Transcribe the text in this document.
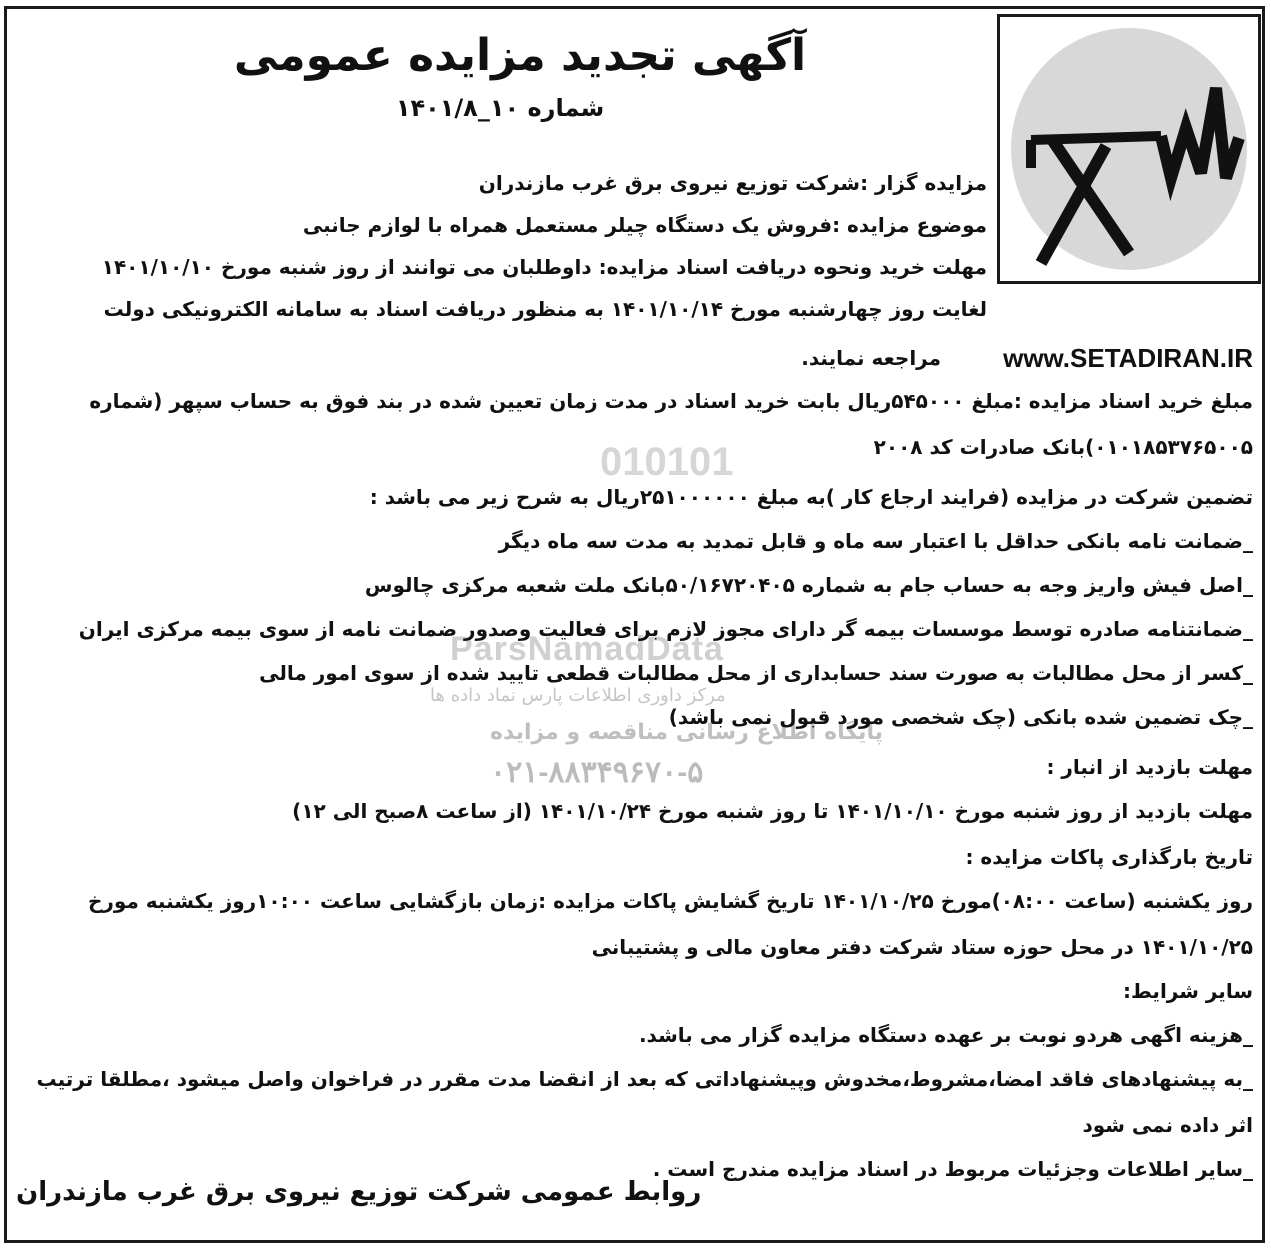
آگهی تجدید مزایده عمومی
شماره ۱۰_۱۴۰۱/۸
010101
ParsNamadData
مرکز داوری اطلاعات پارس نماد داده ها
پایگاه اطلاع رسانی مناقصه و مزایده
۰۲۱-۸۸۳۴۹۶۷۰-۵
مزایده گزار :شرکت توزیع نیروی برق غرب مازندران
موضوع مزایده :فروش یک دستگاه چیلر مستعمل همراه با لوازم جانبی
مهلت خرید ونحوه دریافت اسناد مزایده: داوطلبان می توانند از روز شنبه مورخ ۱۴۰۱/۱۰/۱۰
لغایت روز چهارشنبه مورخ ۱۴۰۱/۱۰/۱۴ به منظور دریافت اسناد به سامانه الکترونیکی دولت
www.SETADIRAN.IR
مراجعه نمایند.
مبلغ خرید اسناد مزایده :مبلغ ۵۴۵۰۰۰ریال بابت خرید اسناد در مدت زمان تعیین شده در بند فوق به حساب سپهر (شماره
۰۱۰۱۸۵۳۷۶۵۰۰۵)بانک صادرات کد ۲۰۰۸
تضمین شرکت در مزایده (فرایند ارجاع کار )به مبلغ ۲۵۱۰۰۰۰۰۰ریال به شرح زیر می باشد :
_ضمانت نامه بانکی حداقل با اعتبار سه ماه و قابل تمدید به مدت سه ماه دیگر
_اصل فیش واریز وجه به حساب جام به شماره ۵۰/۱۶۷۲۰۴۰۵بانک ملت شعبه مرکزی چالوس
_ضمانتنامه صادره توسط موسسات بیمه گر دارای مجوز لازم برای فعالیت وصدور ضمانت نامه از سوی بیمه مرکزی ایران
_کسر از محل مطالبات به صورت سند حسابداری از محل مطالبات قطعی تایید شده از سوی امور مالی
_چک تضمین شده بانکی (چک شخصی مورد قبول نمی باشد)
مهلت بازدید از انبار :
مهلت بازدید از روز شنبه مورخ ۱۴۰۱/۱۰/۱۰ تا روز شنبه مورخ ۱۴۰۱/۱۰/۲۴ (از ساعت ۸صبح الی ۱۲)
تاریخ بارگذاری پاکات مزایده :
روز یکشنبه (ساعت ۰۸:۰۰)مورخ ۱۴۰۱/۱۰/۲۵ تاریخ گشایش پاکات مزایده :زمان بازگشایی ساعت ۱۰:۰۰روز یکشنبه مورخ
۱۴۰۱/۱۰/۲۵ در محل حوزه ستاد شرکت دفتر معاون مالی و پشتیبانی
سایر شرایط:
_هزینه اگهی هردو نوبت بر عهده دستگاه مزایده گزار می باشد.
_به پیشنهادهای فاقد امضا،مشروط،مخدوش وپیشنهاداتی که بعد از انقضا مدت مقرر در فراخوان واصل میشود ،مطلقا ترتیب
اثر داده نمی شود
_سایر اطلاعات وجزئیات مربوط در اسناد مزایده مندرج است .
روابط عمومی شرکت توزیع نیروی برق غرب مازندران
